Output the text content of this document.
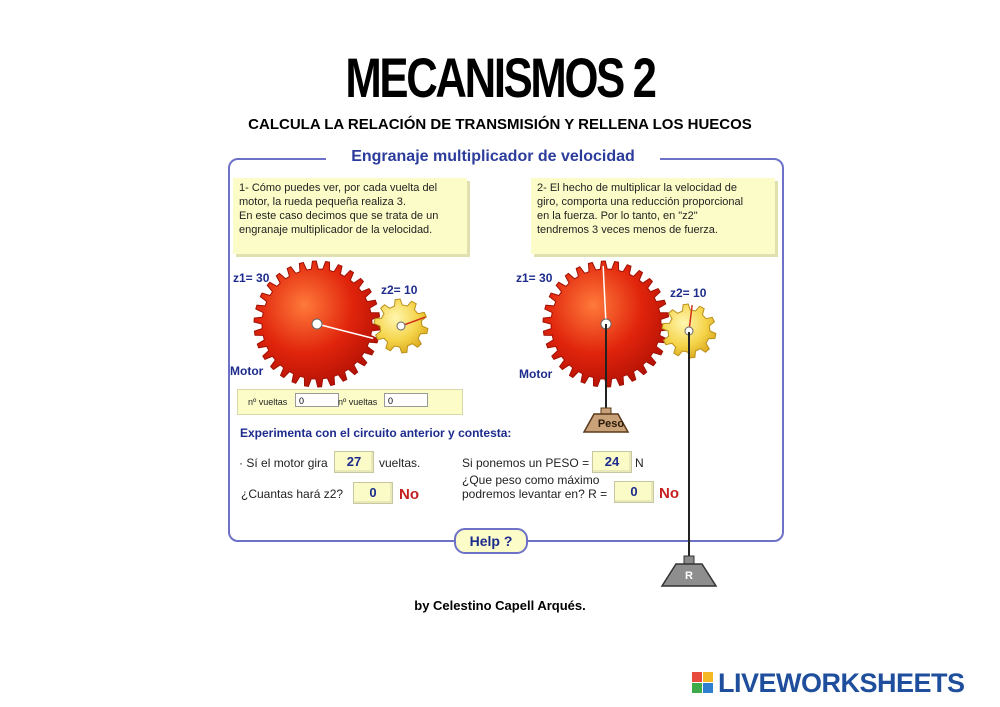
MECANISMOS 2
CALCULA LA RELACIÓN DE TRANSMISIÓN Y RELLENA LOS HUECOS
Engranaje multiplicador de velocidad
1- Cómo puedes ver, por cada vuelta del
motor, la rueda pequeña realiza 3.
En este caso decimos que se trata de un
engranaje multiplicador de la velocidad.
2- El hecho de multiplicar la velocidad de
giro, comporta una reducción proporcional
en la fuerza. Por lo tanto, en "z2"
tendremos 3 veces menos de fuerza.
z1= 30
z2= 10
Motor
z1= 30
z2= 10
Motor
Peso
R
nº vueltas	0	nº vueltas	0
Experimenta con el circuito anterior y contesta:
· Sí el motor gira	27	vueltas.
¿Cuantas hará z2?	0	No
Si ponemos un PESO =	24	N
¿Que peso como máximo
podremos levantar en? R =	0	No
Help ?
by Celestino Capell Arqués.
LIVEWORKSHEETS
